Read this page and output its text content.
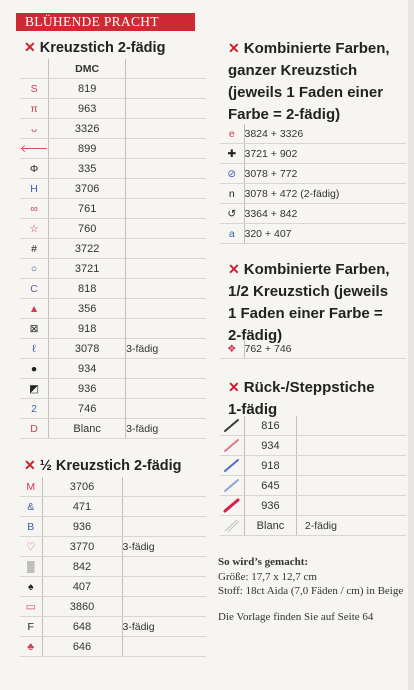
BLÜHENDE PRACHT
✕ Kreuzstich 2-fädig
	DMC	
S	819	
π	963	
ᴗ	3326	
🡐	899	
Φ	335	
H	3706	
∞	761	
☆	760	
#	3722	
○	3721	
C	818	
▲	356	
⊠	918	
ℓ	3078	3-fädig
●	934	
◩	936	
2	746	
D	Blanc	3-fädig
✕ ½ Kreuzstich 2-fädig
M	3706	
&	471	
B	936	
♡	3770	3-fädig
▒	842	
♠	407	
▭	3860	
F	648	3-fädig
♣	646	
✕ Kombinierte Farben,
ganzer Kreuzstich
(jeweils 1 Faden einer
Farbe = 2-fädig)
e	3824 + 3326
✚	3721 + 902
⊘	3078 + 772
n	3078 + 472 (2-fädig)
↺	3364 + 842
a	320 + 407
✕ Kombinierte Farben,
1/2 Kreuzstich (jeweils
1 Faden einer Farbe =
2-fädig)
❖	762 + 746
✕ Rück-/Steppstiche
1-fädig
	816	

	934	

	918	

	645	

	936	

	Blanc	2-fädig
So wird’s gemacht:
Größe: 17,7 x 12,7 cm
Stoff: 18ct Aida (7,0 Fäden / cm) in Beige
Die Vorlage finden Sie auf Seite 64
